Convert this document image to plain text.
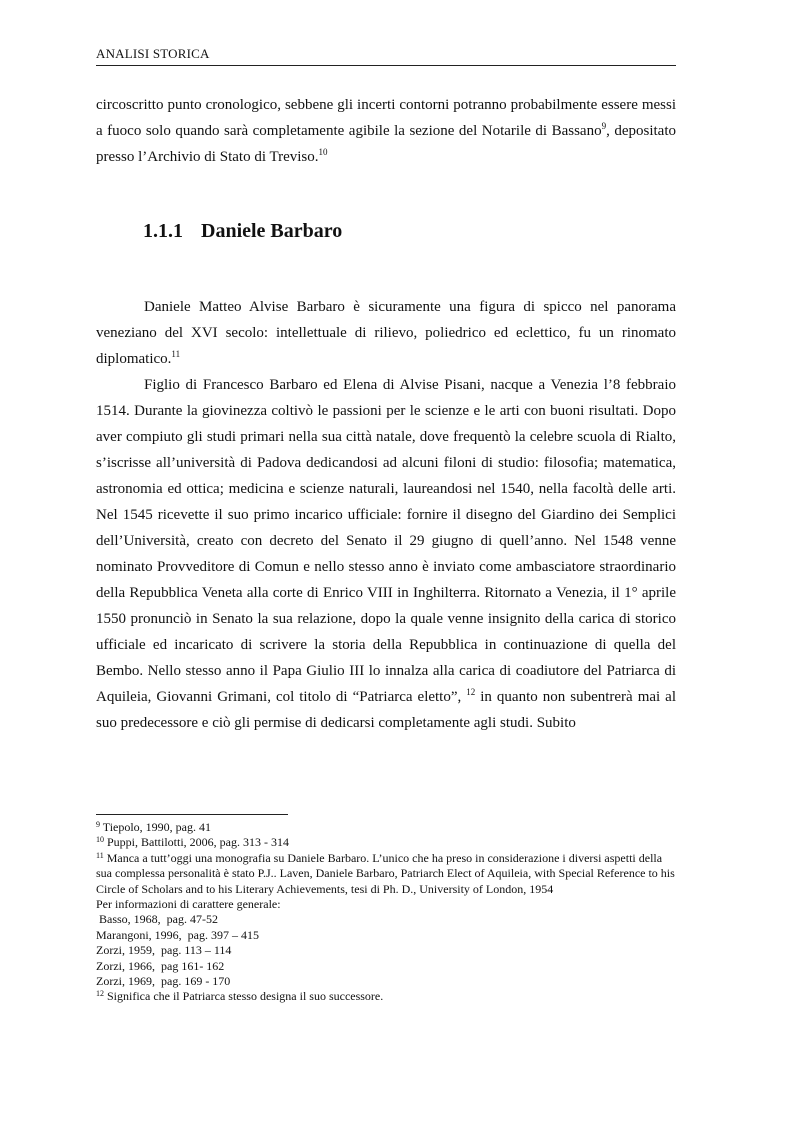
ANALISI STORICA

circoscritto punto cronologico, sebbene gli incerti contorni potranno probabilmente essere messi a fuoco solo quando sarà completamente agibile la sezione del Notarile di Bassano$^9$, depositato presso l’Archivio di Stato di Treviso.$^{10}$

1.1.1 Daniele Barbaro

Daniele Matteo Alvise Barbaro è sicuramente una figura di spicco nel panorama veneziano del XVI secolo: intellettuale di rilievo, poliedrico ed eclettico, fu un rinomato diplomatico.$^{11}$

Figlio di Francesco Barbaro ed Elena di Alvise Pisani, nacque a Venezia l’8 febbraio 1514. Durante la giovinezza coltivò le passioni per le scienze e le arti con buoni risultati. Dopo aver compiuto gli studi primari nella sua città natale, dove frequentò la celebre scuola di Rialto, s’iscrisse all’università di Padova dedicandosi ad alcuni filoni di studio: filosofia; matematica, astronomia ed ottica; medicina e scienze naturali, laureandosi nel 1540, nella facoltà delle arti. Nel 1545 ricevette il suo primo incarico ufficiale: fornire il disegno del Giardino dei Semplici dell’Università, creato con decreto del Senato il 29 giugno di quell’anno. Nel 1548 venne nominato Provveditore di Comun e nello stesso anno è inviato come ambasciatore straordinario della Repubblica Veneta alla corte di Enrico VIII in Inghilterra. Ritornato a Venezia, il 1° aprile 1550 pronunciò in Senato la sua relazione, dopo la quale venne insignito della carica di storico ufficiale ed incaricato di scrivere la storia della Repubblica in continuazione di quella del Bembo. Nello stesso anno il Papa Giulio III lo innalza alla carica di coadiutore del Patriarca di Aquileia, Giovanni Grimani, col titolo di “Patriarca eletto”, $^{12}$ in quanto non subentrerà mai al suo predecessore e ciò gli permise di dedicarsi completamente agli studi. Subito

$^9$ Tiepolo, 1990, pag. 41
$^{10}$ Puppi, Battilotti, 2006, pag. 313 - 314
$^{11}$ Manca a tutt’oggi una monografia su Daniele Barbaro. L’unico che ha preso in considerazione i diversi aspetti della sua complessa personalità è stato P.J.. Laven, Daniele Barbaro, Patriarch Elect of Aquileia, with Special Reference to his Circle of Scholars and to his Literary Achievements, tesi di Ph. D., University of London, 1954
Per informazioni di carattere generale:
Basso, 1968,  pag. 47-52
Marangoni, 1996,  pag. 397 – 415
Zorzi, 1959,  pag. 113 – 114
Zorzi, 1966,  pag 161- 162
Zorzi, 1969,  pag. 169 - 170
$^{12}$ Significa che il Patriarca stesso designa il suo successore.
